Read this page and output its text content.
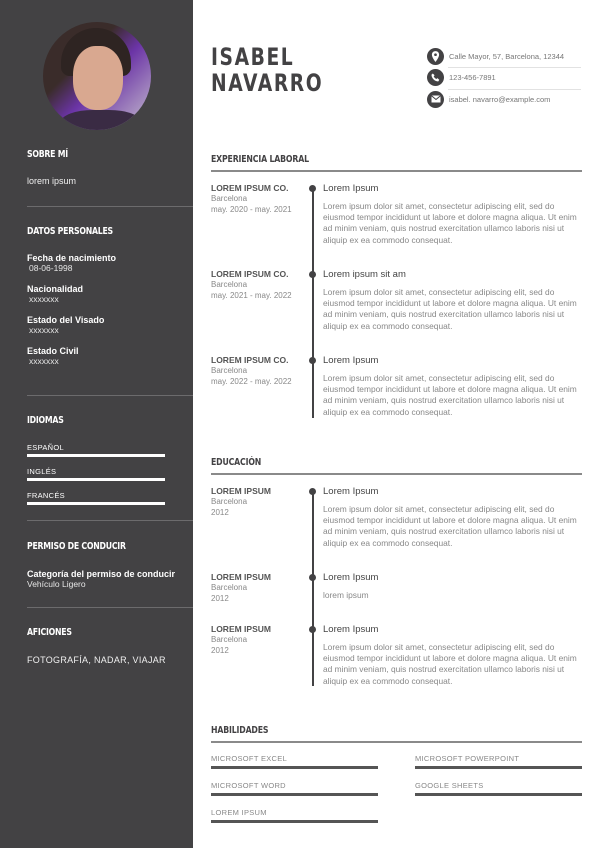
SOBRE MÍ
lorem ipsum
DATOS PERSONALES
Fecha de nacimiento
08-06-1998
Nacionalidad
xxxxxxx
Estado del Visado
xxxxxxx
Estado Civil
xxxxxxx
IDIOMAS
ESPAÑOL
INGLÉS
FRANCÉS
PERMISO DE CONDUCIR
Categoría del permiso de conducir
Vehículo Ligero
AFICIONES
FOTOGRAFÍA, NADAR, VIAJAR
ISABEL
NAVARRO
Calle Mayor, 57, Barcelona, 12344
123-456-7891
isabel. navarro@example.com
EXPERIENCIA LABORAL
LOREM IPSUM CO.
Barcelona
may. 2020 - may. 2021
Lorem Ipsum
Lorem ipsum dolor sit amet, consectetur adipiscing elit, sed do eiusmod tempor incididunt ut labore et dolore magna aliqua. Ut enim ad minim veniam, quis nostrud exercitation ullamco laboris nisi ut aliquip ex ea commodo consequat.
LOREM IPSUM CO.
Barcelona
may. 2021 - may. 2022
Lorem ipsum sit am
Lorem ipsum dolor sit amet, consectetur adipiscing elit, sed do eiusmod tempor incididunt ut labore et dolore magna aliqua. Ut enim ad minim veniam, quis nostrud exercitation ullamco laboris nisi ut aliquip ex ea commodo consequat.
LOREM IPSUM CO.
Barcelona
may. 2022 - may. 2022
Lorem Ipsum
Lorem ipsum dolor sit amet, consectetur adipiscing elit, sed do eiusmod tempor incididunt ut labore et dolore magna aliqua. Ut enim ad minim veniam, quis nostrud exercitation ullamco laboris nisi ut aliquip ex ea commodo consequat.
EDUCACIÓN
LOREM IPSUM
Barcelona
2012
Lorem Ipsum
Lorem ipsum dolor sit amet, consectetur adipiscing elit, sed do eiusmod tempor incididunt ut labore et dolore magna aliqua. Ut enim ad minim veniam, quis nostrud exercitation ullamco laboris nisi ut aliquip ex ea commodo consequat.
LOREM IPSUM
Barcelona
2012
Lorem Ipsum
lorem ipsum
LOREM IPSUM
Barcelona
2012
Lorem Ipsum
Lorem ipsum dolor sit amet, consectetur adipiscing elit, sed do eiusmod tempor incididunt ut labore et dolore magna aliqua. Ut enim ad minim veniam, quis nostrud exercitation ullamco laboris nisi ut aliquip ex ea commodo consequat.
HABILIDADES
MICROSOFT EXCEL	MICROSOFT POWERPOINT
MICROSOFT WORD	GOOGLE SHEETS
LOREM IPSUM
